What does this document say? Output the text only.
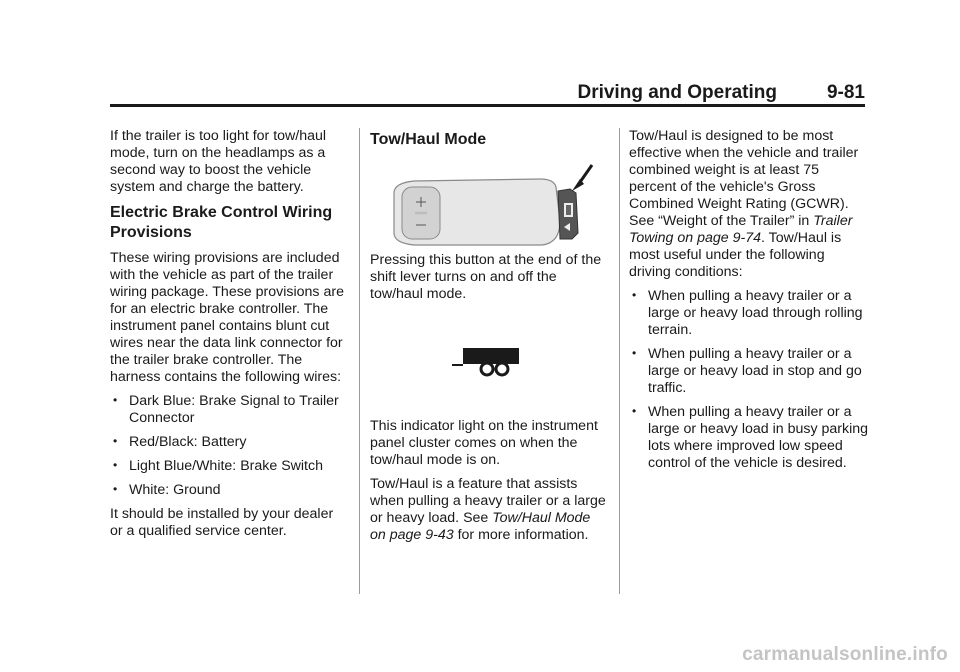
Driving and Operating	9-81

If the trailer is too light for tow/haul mode, turn on the headlamps as a second way to boost the vehicle system and charge the battery.

Electric Brake Control Wiring Provisions

These wiring provisions are included with the vehicle as part of the trailer wiring package. These provisions are for an electric brake controller. The instrument panel contains blunt cut wires near the data link connector for the trailer brake controller. The harness contains the following wires:

• Dark Blue: Brake Signal to Trailer Connector
• Red/Black: Battery
• Light Blue/White: Brake Switch
• White: Ground

It should be installed by your dealer or a qualified service center.

Tow/Haul Mode

Pressing this button at the end of the shift lever turns on and off the tow/haul mode.

This indicator light on the instrument panel cluster comes on when the tow/haul mode is on.

Tow/Haul is a feature that assists when pulling a heavy trailer or a large or heavy load. See Tow/Haul Mode on page 9-43 for more information.

Tow/Haul is designed to be most effective when the vehicle and trailer combined weight is at least 75 percent of the vehicle's Gross Combined Weight Rating (GCWR). See “Weight of the Trailer” in Trailer Towing on page 9-74. Tow/Haul is most useful under the following driving conditions:

• When pulling a heavy trailer or a large or heavy load through rolling terrain.
• When pulling a heavy trailer or a large or heavy load in stop and go traffic.
• When pulling a heavy trailer or a large or heavy load in busy parking lots where improved low speed control of the vehicle is desired.
carmanualsonline.info
